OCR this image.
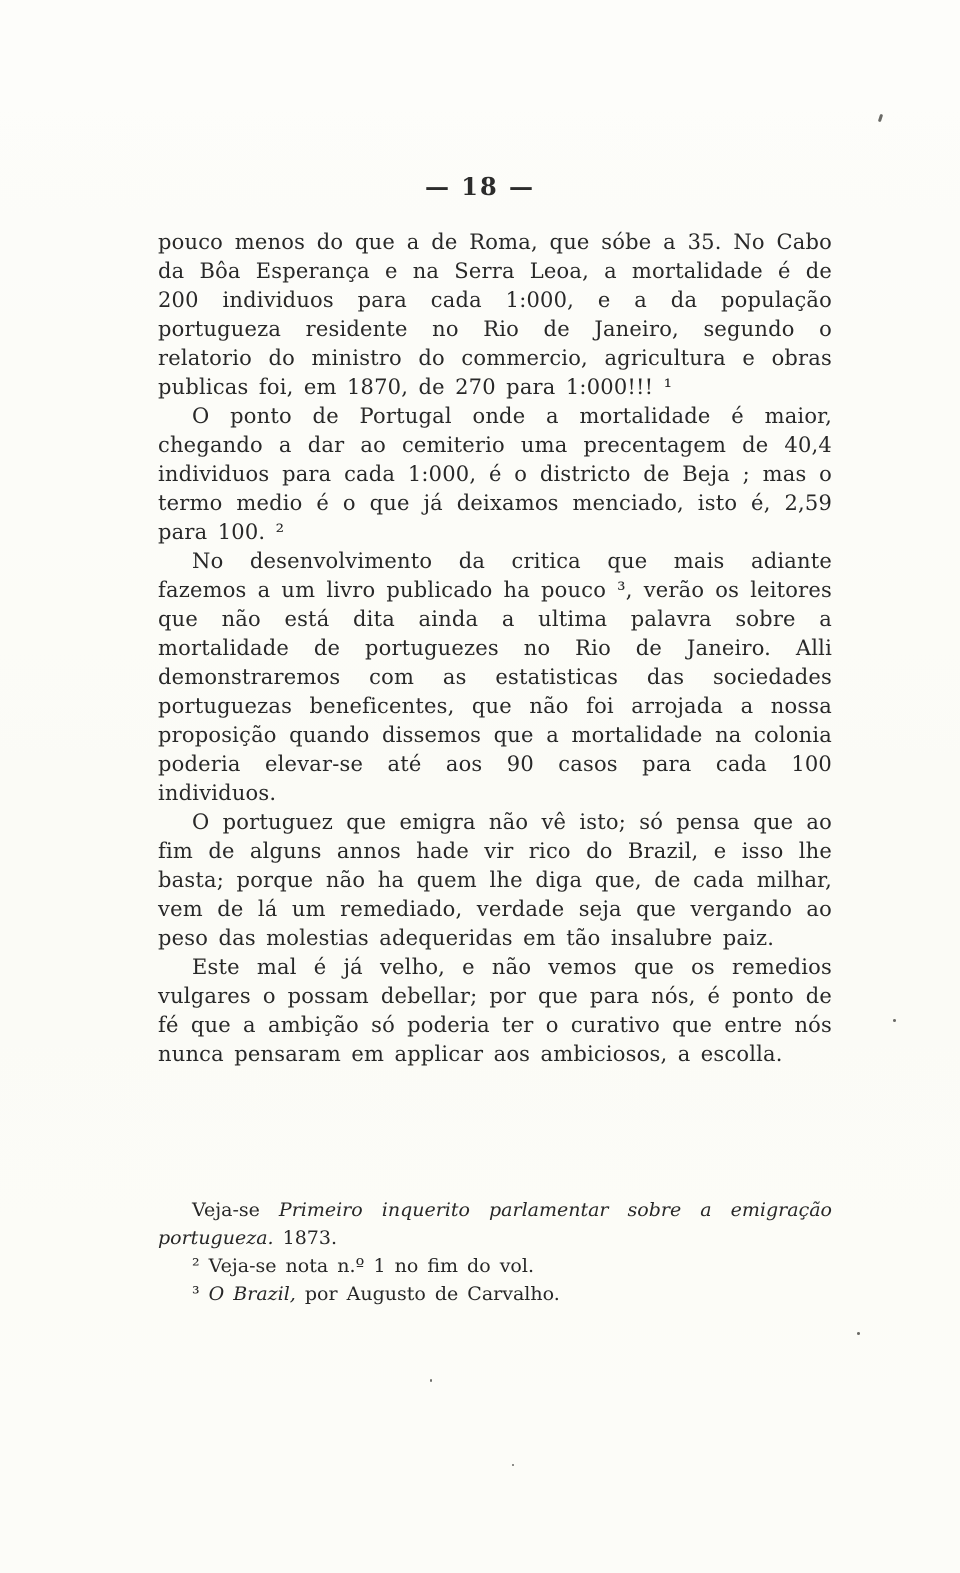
— 18 —

pouco menos do que a de Roma, que sóbe a 35. No Cabo da Bôa Esperança e na Serra Leoa, a mortalidade é de 200 individuos para cada 1:000, e a da população portugueza residente no Rio de Janeiro, segundo o relatorio do ministro do commercio, agricultura e obras publicas foi, em 1870, de 270 para 1:000!!! ¹

O ponto de Portugal onde a mortalidade é maior, chegando a dar ao cemiterio uma precentagem de 40,4 individuos para cada 1:000, é o districto de Beja ; mas o termo medio é o que já deixamos menciado, isto é, 2,59 para 100. ²

No desenvolvimento da critica que mais adiante fazemos a um livro publicado ha pouco ³, verão os leitores que não está dita ainda a ultima palavra sobre a mortalidade de portuguezes no Rio de Janeiro. Alli demonstraremos com as estatisticas das sociedades portuguezas beneficentes, que não foi arrojada a nossa proposição quando dissemos que a mortalidade na colonia poderia elevar-se até aos 90 casos para cada 100 individuos.

O portuguez que emigra não vê isto; só pensa que ao fim de alguns annos hade vir rico do Brazil, e isso lhe basta; porque não ha quem lhe diga que, de cada milhar, vem de lá um remediado, verdade seja que vergando ao peso das molestias adequeridas em tão insalubre paiz.

Este mal é já velho, e não vemos que os remedios vulgares o possam debellar; por que para nós, é ponto de fé que a ambição só poderia ter o curativo que entre nós nunca pensaram em applicar aos ambiciosos, a escolla.

Veja-se Primeiro inquerito parlamentar sobre a emigração portugueza. 1873.

² Veja-se nota n.º 1 no fim do vol.

³ O Brazil, por Augusto de Carvalho.
